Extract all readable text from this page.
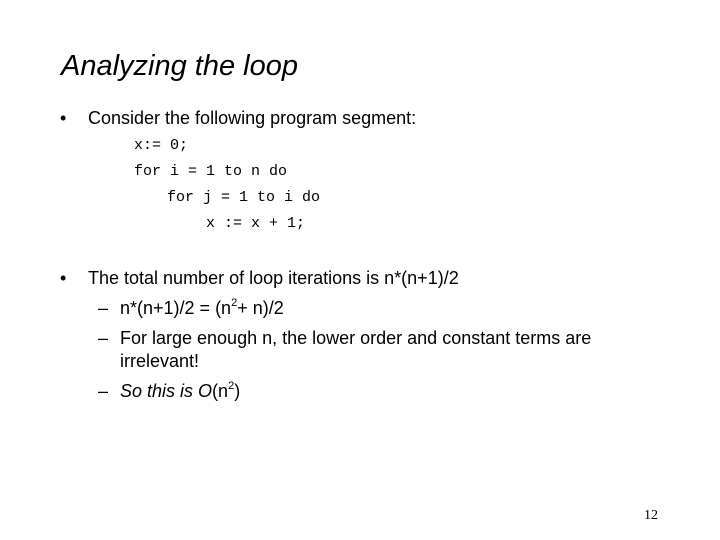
Analyzing the loop
• Consider the following program segment:
x:= 0;
for i = 1 to n do
for j = 1 to i do
x := x + 1;
• The total number of loop iterations is n*(n+1)/2
– $n*(n+1)/2 = (n^2+ n)/2$
– For large enough n, the lower order and constant terms are
irrelevant!
– So this is $O(n^2)$
12
